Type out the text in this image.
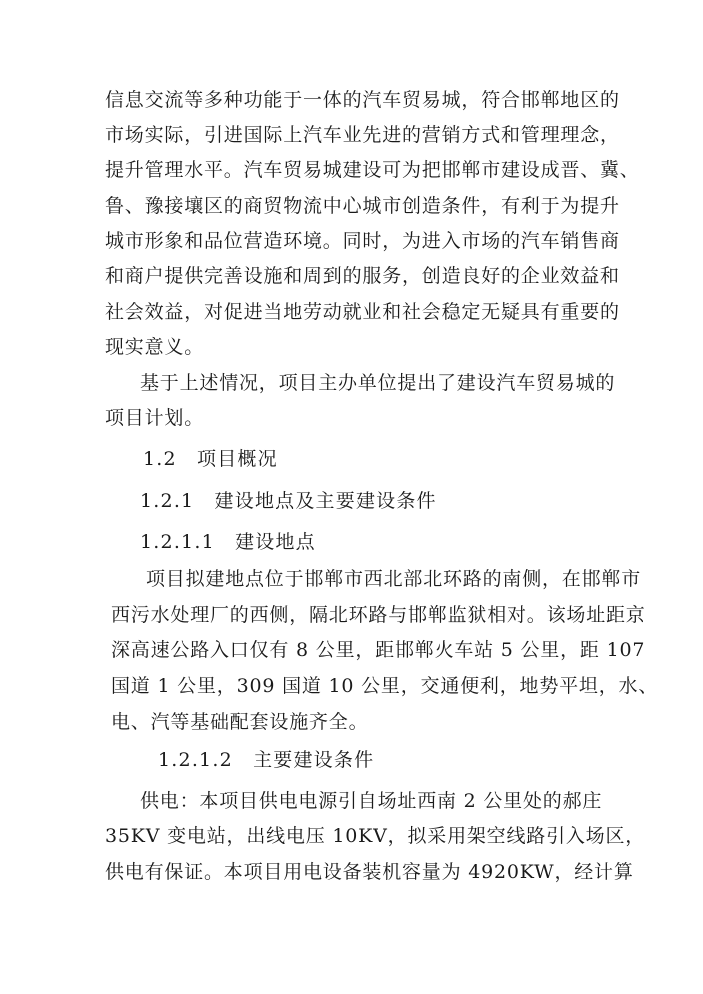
信息交流等多种功能于一体的汽车贸易城，符合邯郸地区的
市场实际，引进国际上汽车业先进的营销方式和管理理念，
提升管理水平。汽车贸易城建设可为把邯郸市建设成晋、冀、
鲁、豫接壤区的商贸物流中心城市创造条件，有利于为提升
城市形象和品位营造环境。同时，为进入市场的汽车销售商
和商户提供完善设施和周到的服务，创造良好的企业效益和
社会效益，对促进当地劳动就业和社会稳定无疑具有重要的
现实意义。
基于上述情况，项目主办单位提出了建设汽车贸易城的
项目计划。
1.2　项目概况
1.2.1　建设地点及主要建设条件
1.2.1.1　建设地点
项目拟建地点位于邯郸市西北部北环路的南侧，在邯郸市
西污水处理厂的西侧，隔北环路与邯郸监狱相对。该场址距京
深高速公路入口仅有 8 公里，距邯郸火车站 5 公里，距 107
国道 1 公里，309 国道 10 公里，交通便利，地势平坦，水、
电、汽等基础配套设施齐全。
1.2.1.2　主要建设条件
供电：本项目供电电源引自场址西南 2 公里处的郝庄
35KV 变电站，出线电压 10KV，拟采用架空线路引入场区，
供电有保证。本项目用电设备装机容量为 4920KW，经计算
